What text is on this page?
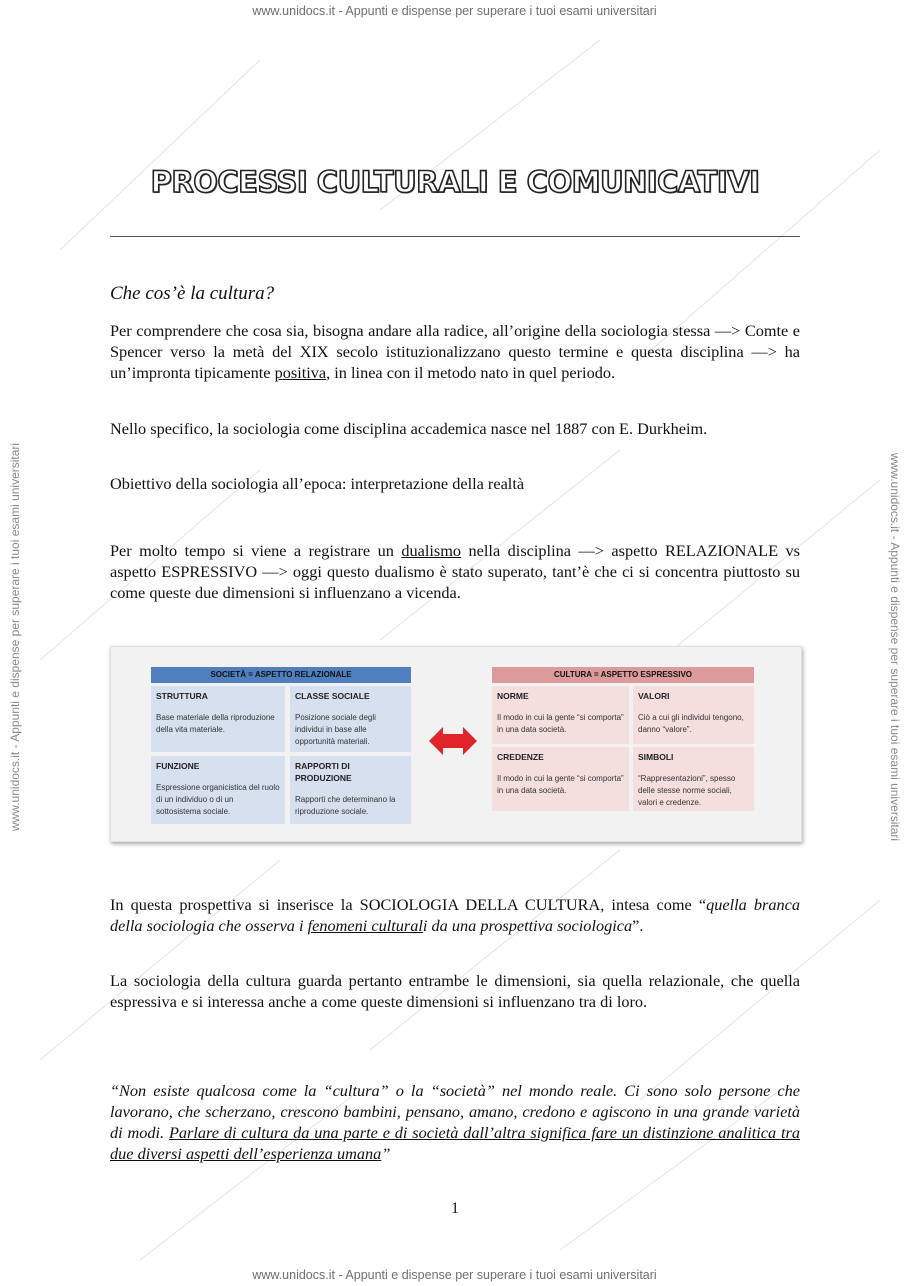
www.unidocs.it - Appunti e dispense per superare i tuoi esami universitari
www.unidocs.it - Appunti e dispense per superare i tuoi esami universitari	www.unidocs.it - Appunti e dispense per superare i tuoi esami universitari
PROCESSI CULTURALI E COMUNICATIVI
Che cos’è la cultura?

Per comprendere che cosa sia, bisogna andare alla radice, all’origine della sociologia stessa —> Comte e Spencer verso la metà del XIX secolo istituzionalizzano questo termine e questa disciplina —> ha un’impronta tipicamente positiva, in linea con il metodo nato in quel periodo.

Nello specifico, la sociologia come disciplina accademica nasce nel 1887 con E. Durkheim.

Obiettivo della sociologia all’epoca: interpretazione della realtà

Per molto tempo si viene a registrare un dualismo nella disciplina —> aspetto RELAZIONALE vs aspetto ESPRESSIVO —> oggi questo dualismo è stato superato, tant’è che ci si concentra piuttosto su come queste due dimensioni si influenzano a vicenda.

SOCIETÀ = ASPETTO RELAZIONALE
STRUTTURA
Base materiale della riproduzione della vita materiale.
CLASSE SOCIALE
Posizione sociale degli individui in base alle opportunità materiali.
FUNZIONE
Espressione organicistica del ruolo di un individuo o di un sottosistema sociale.
RAPPORTI DI PRODUZIONE
Rapporti che determinano la riproduzione sociale.
CULTURA = ASPETTO ESPRESSIVO
NORME
Il modo in cui la gente “si comporta” in una data società.
VALORI
Ciò a cui gli individui tengono, danno “valore”.
CREDENZE
Il modo in cui la gente “si comporta” in una data società.
SIMBOLI
“Rappresentazioni”, spesso delle stesse norme sociali, valori e credenze.

In questa prospettiva si inserisce la SOCIOLOGIA DELLA CULTURA, intesa come “quella branca della sociologia che osserva i fenomeni culturali da una prospettiva sociologica”.

La sociologia della cultura guarda pertanto entrambe le dimensioni, sia quella relazionale, che quella espressiva e si interessa anche a come queste dimensioni si influenzano tra di loro.

“Non esiste qualcosa come la “cultura” o la “società” nel mondo reale. Ci sono solo persone che lavorano, che scherzano, crescono bambini, pensano, amano, credono e agiscono in una grande varietà di modi. Parlare di cultura da una parte e di società dall’altra significa fare un distinzione analitica tra due diversi aspetti dell’esperienza umana”

1
www.unidocs.it - Appunti e dispense per superare i tuoi esami universitari
